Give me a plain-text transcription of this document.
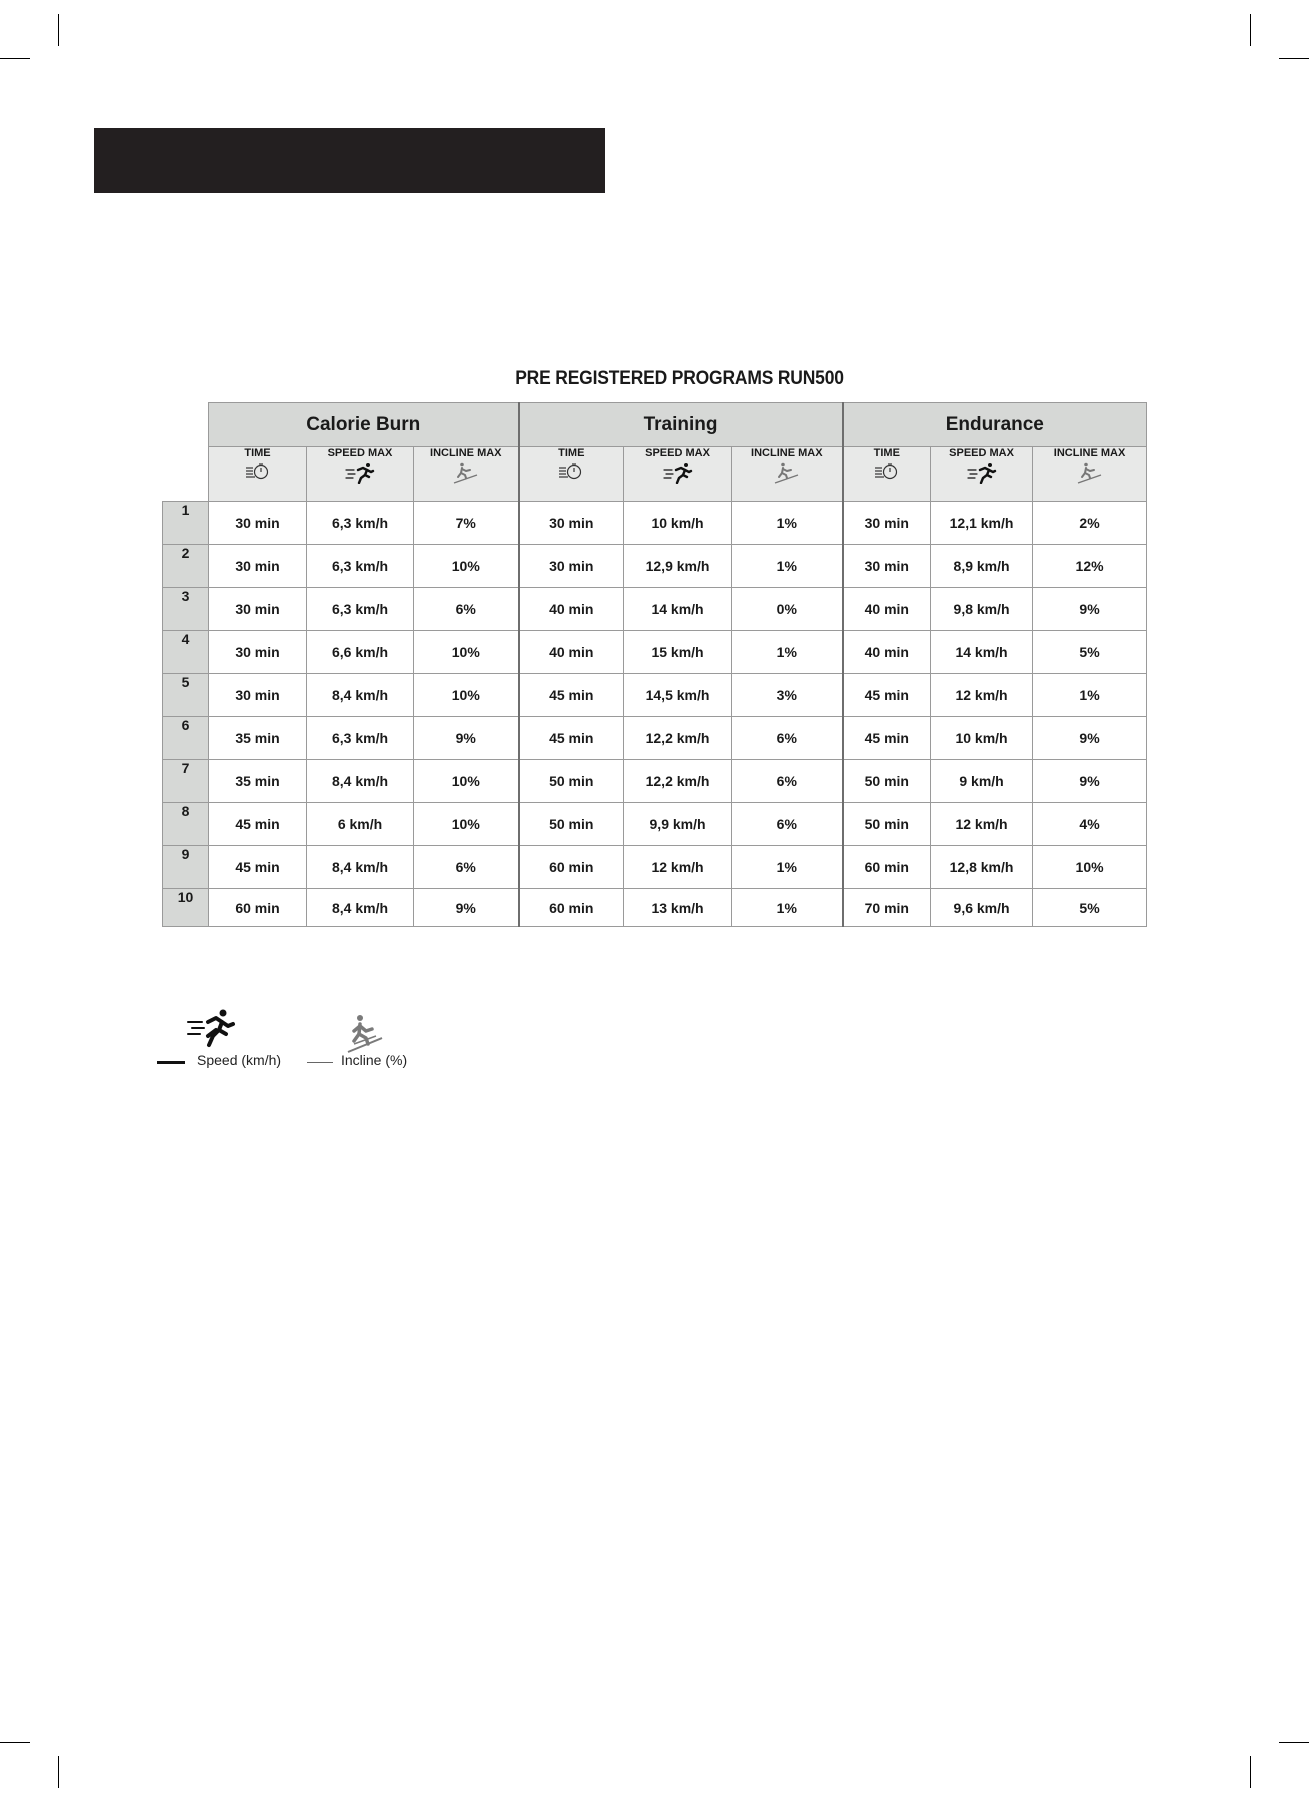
PRE REGISTERED PROGRAMS RUN500
	Calorie Burn			Training			Endurance		

	TIME	SPEED MAX	INCLINE MAX	TIME	SPEED MAX	INCLINE MAX	TIME	SPEED MAX	INCLINE MAX

1	30 min	6,3 km/h	7%	30 min	10 km/h	1%	30 min	12,1 km/h	2%
2	30 min	6,3 km/h	10%	30 min	12,9 km/h	1%	30 min	8,9 km/h	12%
3	30 min	6,3 km/h	6%	40 min	14 km/h	0%	40 min	9,8 km/h	9%
4	30 min	6,6 km/h	10%	40 min	15 km/h	1%	40 min	14 km/h	5%
5	30 min	8,4 km/h	10%	45 min	14,5 km/h	3%	45 min	12 km/h	1%
6	35 min	6,3 km/h	9%	45 min	12,2 km/h	6%	45 min	10 km/h	9%
7	35 min	8,4 km/h	10%	50 min	12,2 km/h	6%	50 min	9 km/h	9%
8	45 min	6 km/h	10%	50 min	9,9 km/h	6%	50 min	12 km/h	4%
9	45 min	8,4 km/h	6%	60 min	12 km/h	1%	60 min	12,8 km/h	10%
10	60 min	8,4 km/h	9%	60 min	13 km/h	1%	70 min	9,6 km/h	5%
Speed (km/h)	Incline (%)
